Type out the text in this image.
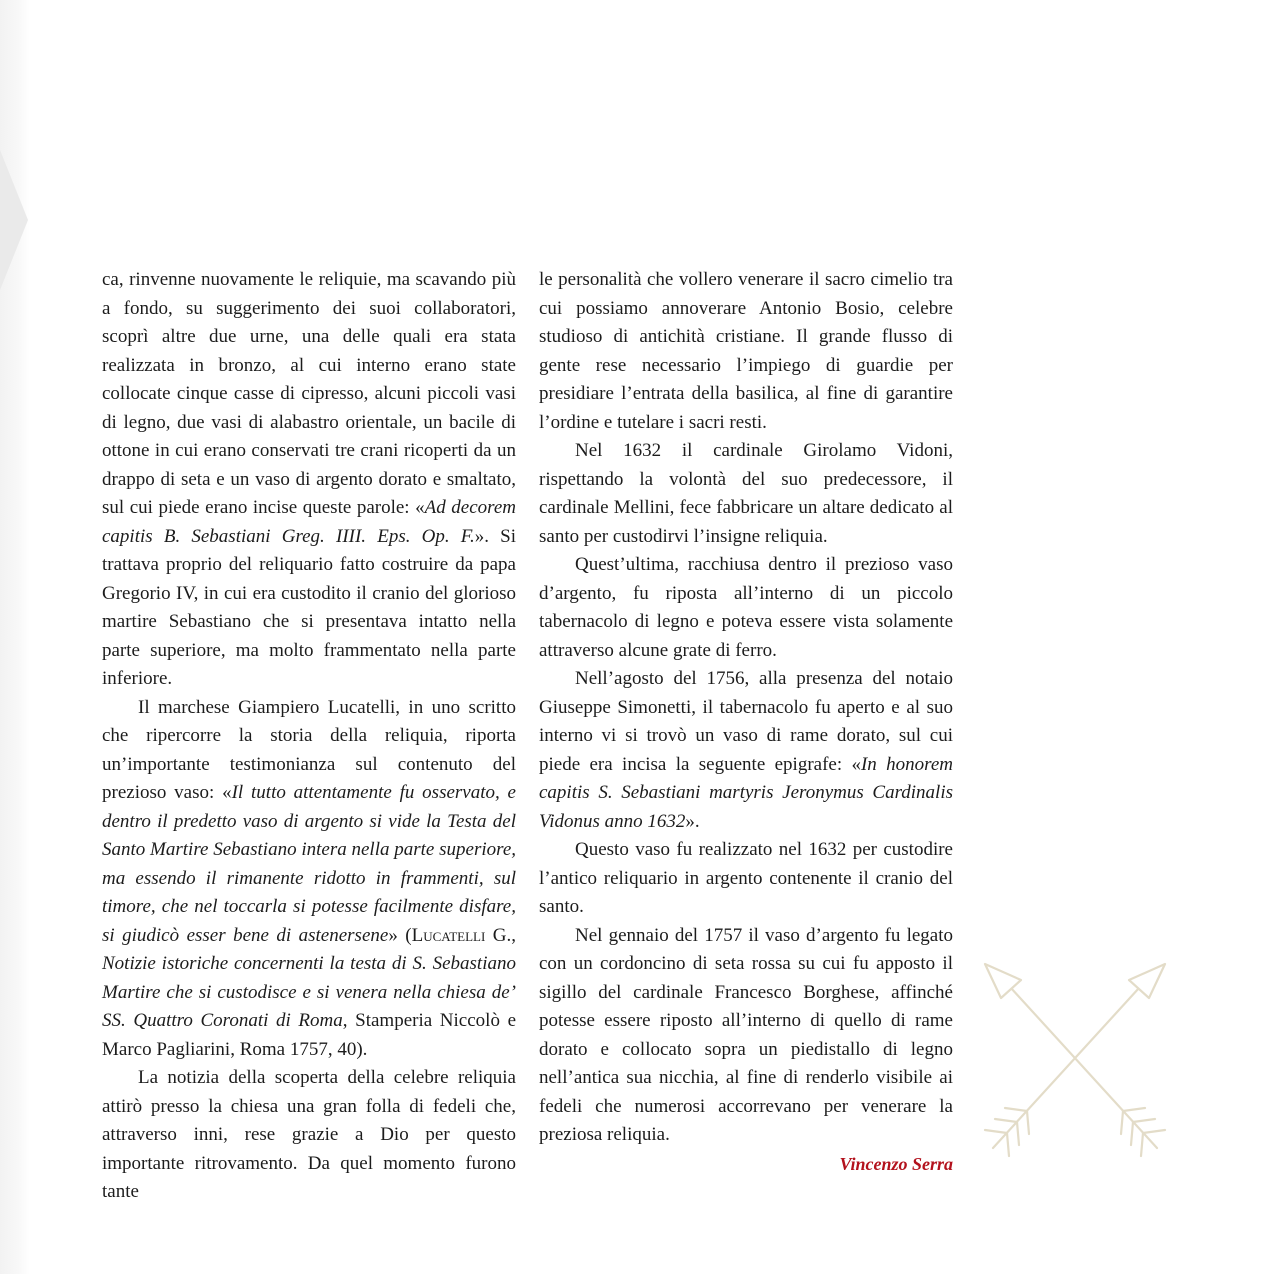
ca, rinvenne nuovamente le reliquie, ma scavando più a fondo, su suggerimento dei suoi collaboratori, scoprì altre due urne, una delle quali era stata realizzata in bronzo, al cui interno erano state collocate cinque casse di cipresso, alcuni piccoli vasi di legno, due vasi di alabastro orientale, un bacile di ottone in cui erano conservati tre crani ricoperti da un drappo di seta e un vaso di argento dorato e smaltato, sul cui piede erano incise queste parole: «Ad decorem capitis B. Sebastiani Greg. IIII. Eps. Op. F.». Si trattava proprio del reliquario fatto costruire da papa Gregorio IV, in cui era custodito il cranio del glorioso martire Sebastiano che si presentava intatto nella parte superiore, ma molto frammentato nella parte inferiore.

Il marchese Giampiero Lucatelli, in uno scritto che ripercorre la storia della reliquia, riporta un’importante testimonianza sul contenuto del prezioso vaso: «Il tutto attentamente fu osservato, e dentro il predetto vaso di argento si vide la Testa del Santo Martire Sebastiano intera nella parte superiore, ma essendo il rimanente ridotto in frammenti, sul timore, che nel toccarla si potesse facilmente disfare, si giudicò esser bene di astenersene» (Lucatelli G., Notizie istoriche concernenti la testa di S. Sebastiano Martire che si custodisce e si venera nella chiesa de’ SS. Quattro Coronati di Roma, Stamperia Niccolò e Marco Pagliarini, Roma 1757, 40).

La notizia della scoperta della celebre reliquia attirò presso la chiesa una gran folla di fedeli che, attraverso inni, rese grazie a Dio per questo importante ritrovamento. Da quel momento furono tante

le personalità che vollero venerare il sacro cimelio tra cui possiamo annoverare Antonio Bosio, celebre studioso di antichità cristiane. Il grande flusso di gente rese necessario l’impiego di guardie per presidiare l’entrata della basilica, al fine di garantire l’ordine e tutelare i sacri resti.

Nel 1632 il cardinale Girolamo Vidoni, rispettando la volontà del suo predecessore, il cardinale Mellini, fece fabbricare un altare dedicato al santo per custodirvi l’insigne reliquia.

Quest’ultima, racchiusa dentro il prezioso vaso d’argento, fu riposta all’interno di un piccolo tabernacolo di legno e poteva essere vista solamente attraverso alcune grate di ferro.

Nell’agosto del 1756, alla presenza del notaio Giuseppe Simonetti, il tabernacolo fu aperto e al suo interno vi si trovò un vaso di rame dorato, sul cui piede era incisa la seguente epigrafe: «In honorem capitis S. Sebastiani martyris Jeronymus Cardinalis Vidonus anno 1632».

Questo vaso fu realizzato nel 1632 per custodire l’antico reliquario in argento contenente il cranio del santo.

Nel gennaio del 1757 il vaso d’argento fu legato con un cordoncino di seta rossa su cui fu apposto il sigillo del cardinale Francesco Borghese, affinché potesse essere riposto all’interno di quello di rame dorato e collocato sopra un piedistallo di legno nell’antica sua nicchia, al fine di renderlo visibile ai fedeli che numerosi accorrevano per venerare la preziosa reliquia.

Vincenzo Serra
